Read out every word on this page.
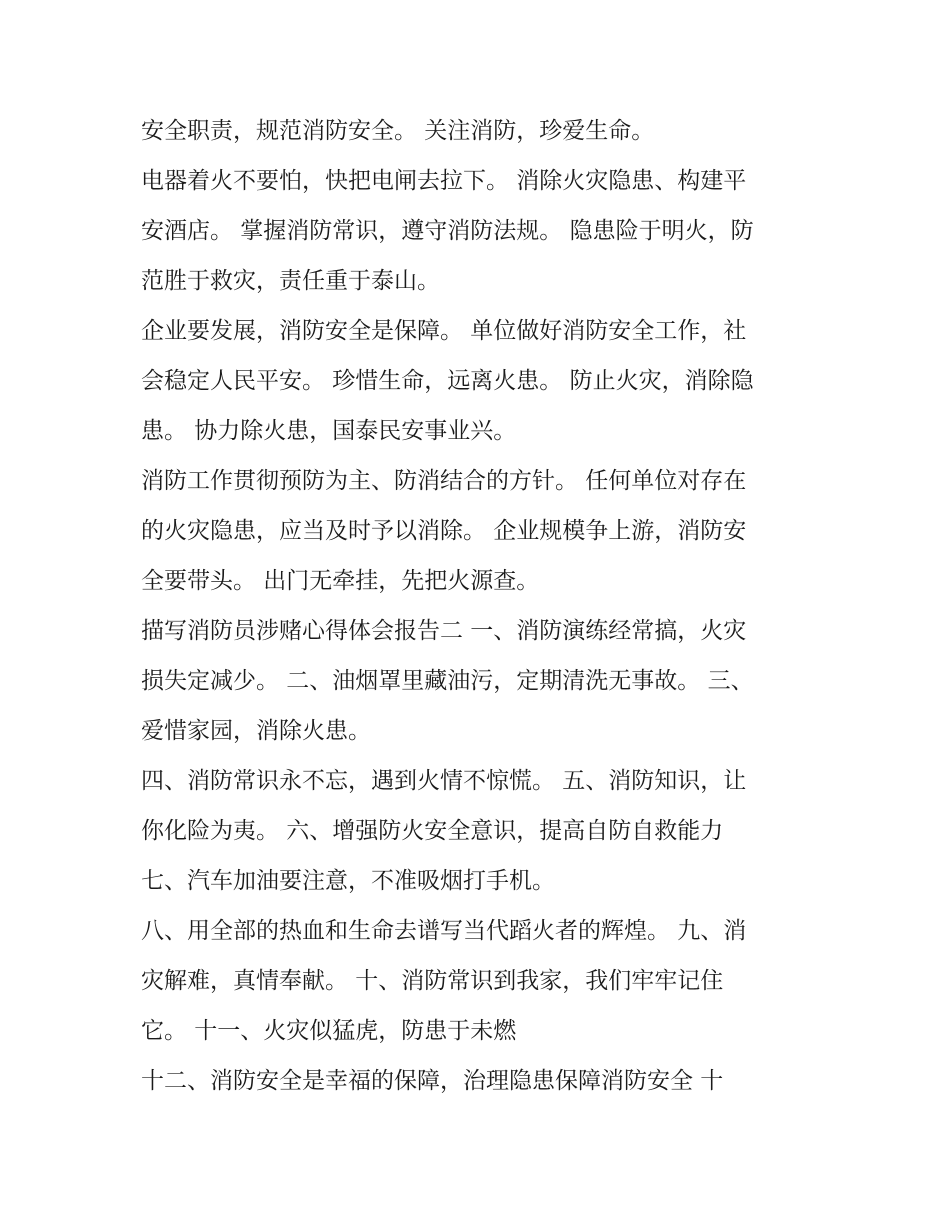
安全职责，规范消防安全。 关注消防，珍爱生命。
电器着火不要怕，快把电闸去拉下。 消除火灾隐患、构建平
安酒店。 掌握消防常识，遵守消防法规。 隐患险于明火，防
范胜于救灾，责任重于泰山。
企业要发展，消防安全是保障。 单位做好消防安全工作，社
会稳定人民平安。 珍惜生命，远离火患。 防止火灾，消除隐
患。 协力除火患，国泰民安事业兴。
消防工作贯彻预防为主、防消结合的方针。 任何单位对存在
的火灾隐患，应当及时予以消除。 企业规模争上游，消防安
全要带头。 出门无牵挂，先把火源查。
描写消防员涉赌心得体会报告二 一、消防演练经常搞，火灾
损失定减少。 二、油烟罩里藏油污，定期清洗无事故。 三、
爱惜家园，消除火患。
四、消防常识永不忘，遇到火情不惊慌。 五、消防知识，让
你化险为夷。 六、增强防火安全意识，提高自防自救能力
七、汽车加油要注意，不准吸烟打手机。
八、用全部的热血和生命去谱写当代蹈火者的辉煌。 九、消
灾解难，真情奉献。 十、消防常识到我家，我们牢牢记住
它。 十一、火灾似猛虎，防患于未燃
十二、消防安全是幸福的保障，治理隐患保障消防安全 十
